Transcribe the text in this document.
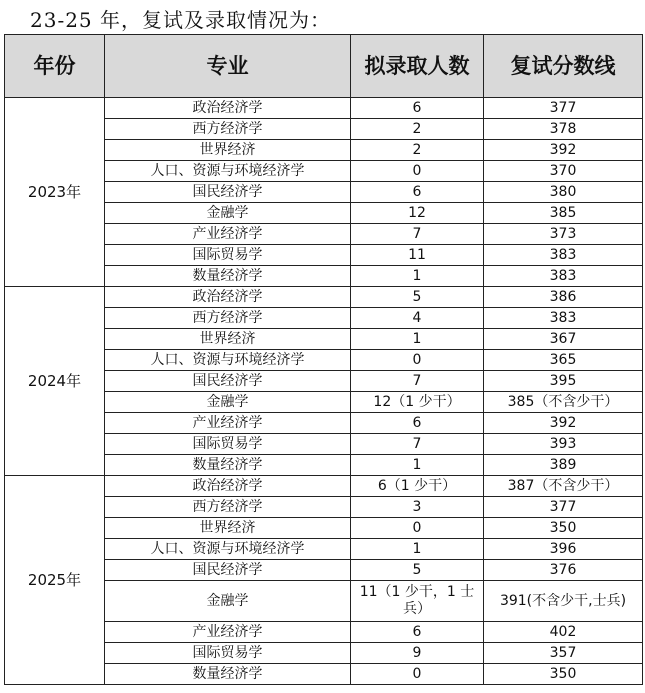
23-25 年，复试及录取情况为：
年份	专业	拟录取人数	复试分数线
2023年	政治经济学	6	377
	西方经济学	2	378
	世界经济	2	392
	人口、资源与环境经济学	0	370
	国民经济学	6	380
	金融学	12	385
	产业经济学	7	373
	国际贸易学	11	383
	数量经济学	1	383
2024年	政治经济学	5	386
	西方经济学	4	383
	世界经济	1	367
	人口、资源与环境经济学	0	365
	国民经济学	7	395
	金融学	12（1 少干）	385（不含少干）
	产业经济学	6	392
	国际贸易学	7	393
	数量经济学	1	389
2025年	政治经济学	6（1 少干）	387（不含少干）
	西方经济学	3	377
	世界经济	0	350
	人口、资源与环境经济学	1	396
	国民经济学	5	376
	金融学	11（1 少干，1 士兵）	391(不含少干,士兵)
	产业经济学	6	402
	国际贸易学	9	357
	数量经济学	0	350
